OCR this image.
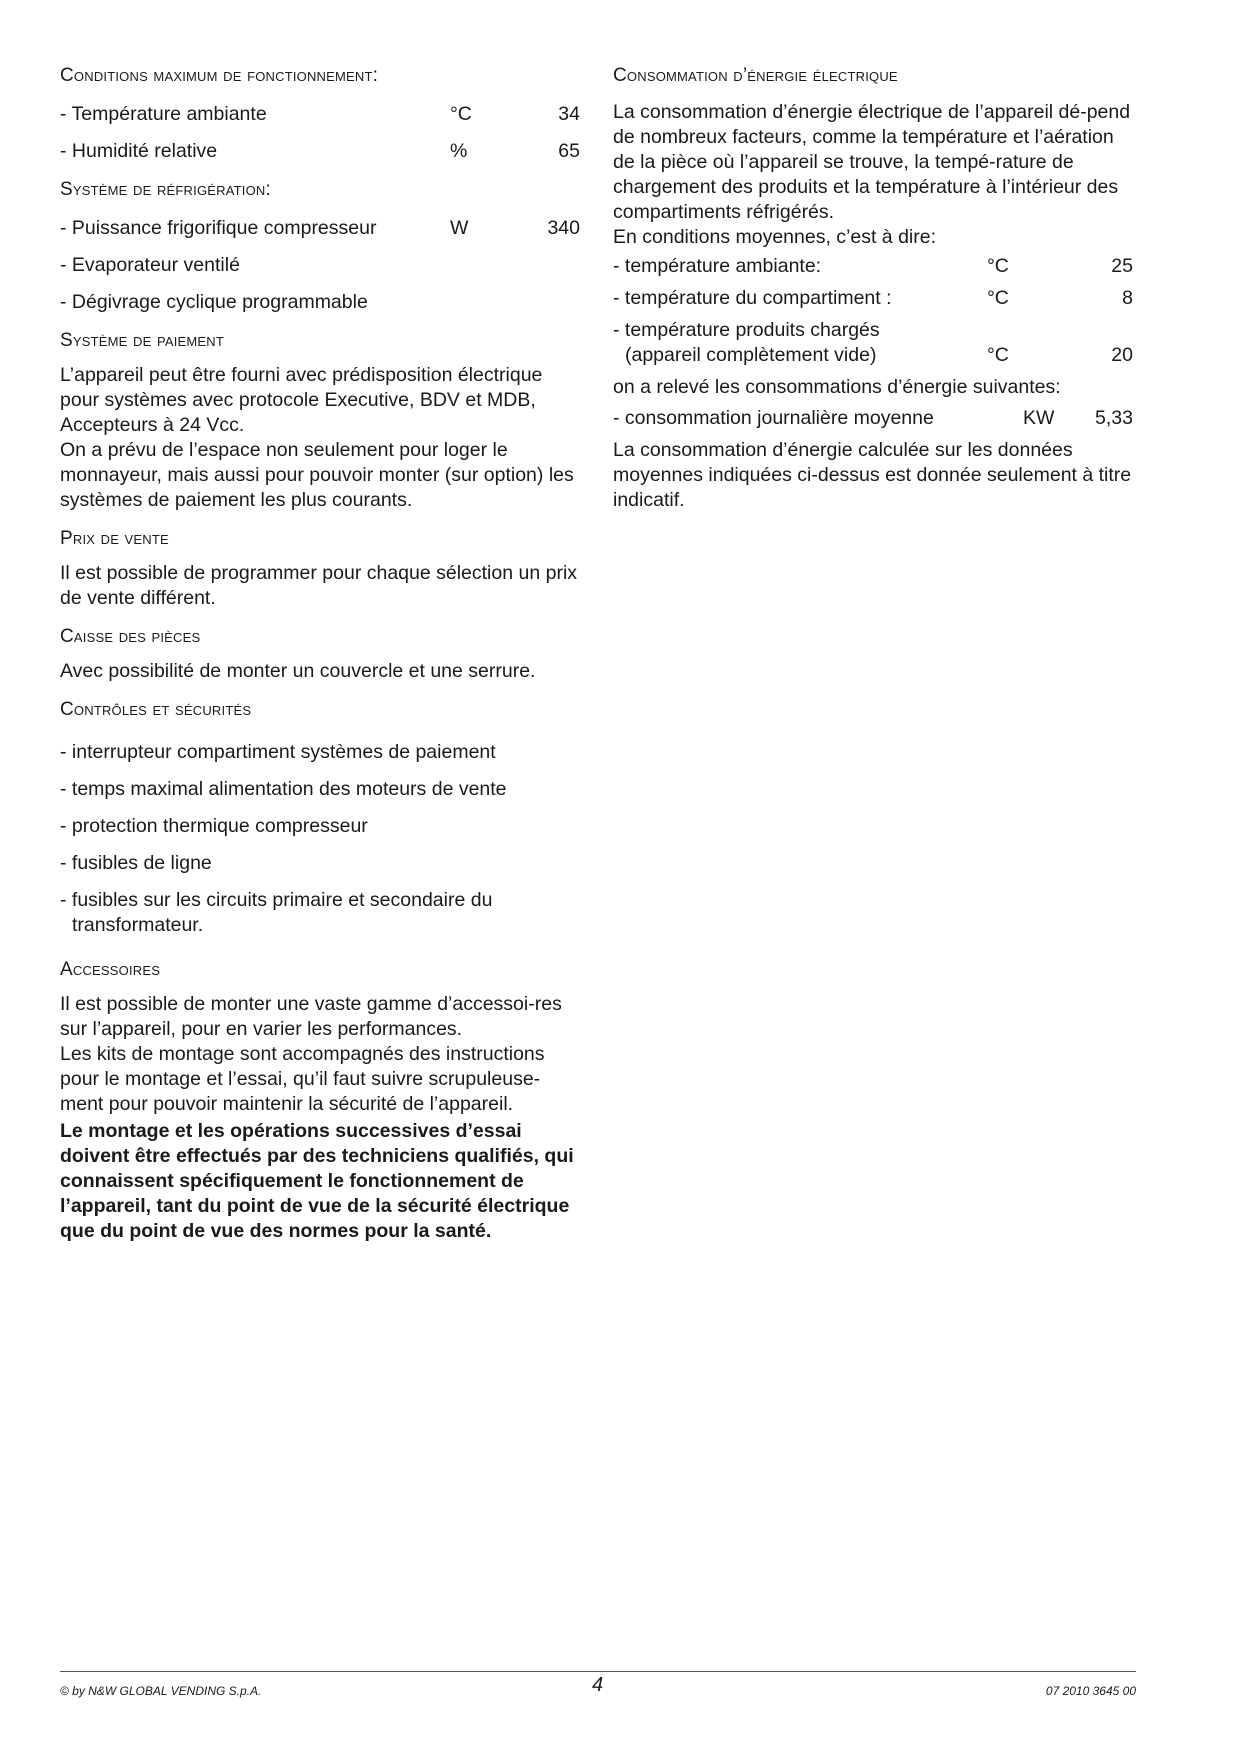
Conditions maximum de fonctionnement:
- Température ambiante	°C	34
- Humidité relative	%	65
Système de réfrigération:
- Puissance frigorifique compresseur	W	340
- Evaporateur ventilé
- Dégivrage cyclique programmable
Système de paiement

L’appareil peut être fourni avec prédisposition électrique pour systèmes avec protocole Executive, BDV et MDB, Accepteurs à 24 Vcc.

On a prévu de l’espace non seulement pour loger le monnayeur, mais aussi pour pouvoir monter (sur option) les systèmes de paiement les plus courants.

Prix de vente

Il est possible de programmer pour chaque sélection un prix de vente différent.

Caisse des pièces

Avec possibilité de monter un couvercle et une serrure.

Contrôles et sécurités
- interrupteur compartiment systèmes de paiement
- temps maximal alimentation des moteurs de vente
- protection thermique compresseur
- fusibles de ligne
- fusibles sur les circuits primaire et secondaire du
transformateur.
Accessoires

Il est possible de monter une vaste gamme d’accessoi-res sur l’appareil, pour en varier les performances.

Les kits de montage sont accompagnés des instructions pour le montage et l’essai, qu’il faut suivre scrupuleuse-ment pour pouvoir maintenir la sécurité de l’appareil.

Le montage et les opérations successives d’essai doivent être effectués par des techniciens qualifiés, qui connaissent spécifiquement le fonctionnement de l’appareil, tant du point de vue de la sécurité électrique que du point de vue des normes pour la santé.

Consommation d’énergie électrique

La consommation d’énergie électrique de l’appareil dé-pend de nombreux facteurs, comme la température et l’aération de la pièce où l’appareil se trouve, la tempé-rature de chargement des produits et la température à l’intérieur des compartiments réfrigérés.

En conditions moyennes, c’est à dire:

- température ambiante:	°C	25
- température du compartiment :	°C	8
- température produits chargés
(appareil complètement vide)	°C	20

on a relevé les consommations d’énergie suivantes:

- consommation journalière moyenne	KW	5,33

La consommation d’énergie calculée sur les données moyennes indiquées ci-dessus est donnée seulement à titre indicatif.

© by N&W GLOBAL VENDING S.p.A.	4	07 2010 3645 00
